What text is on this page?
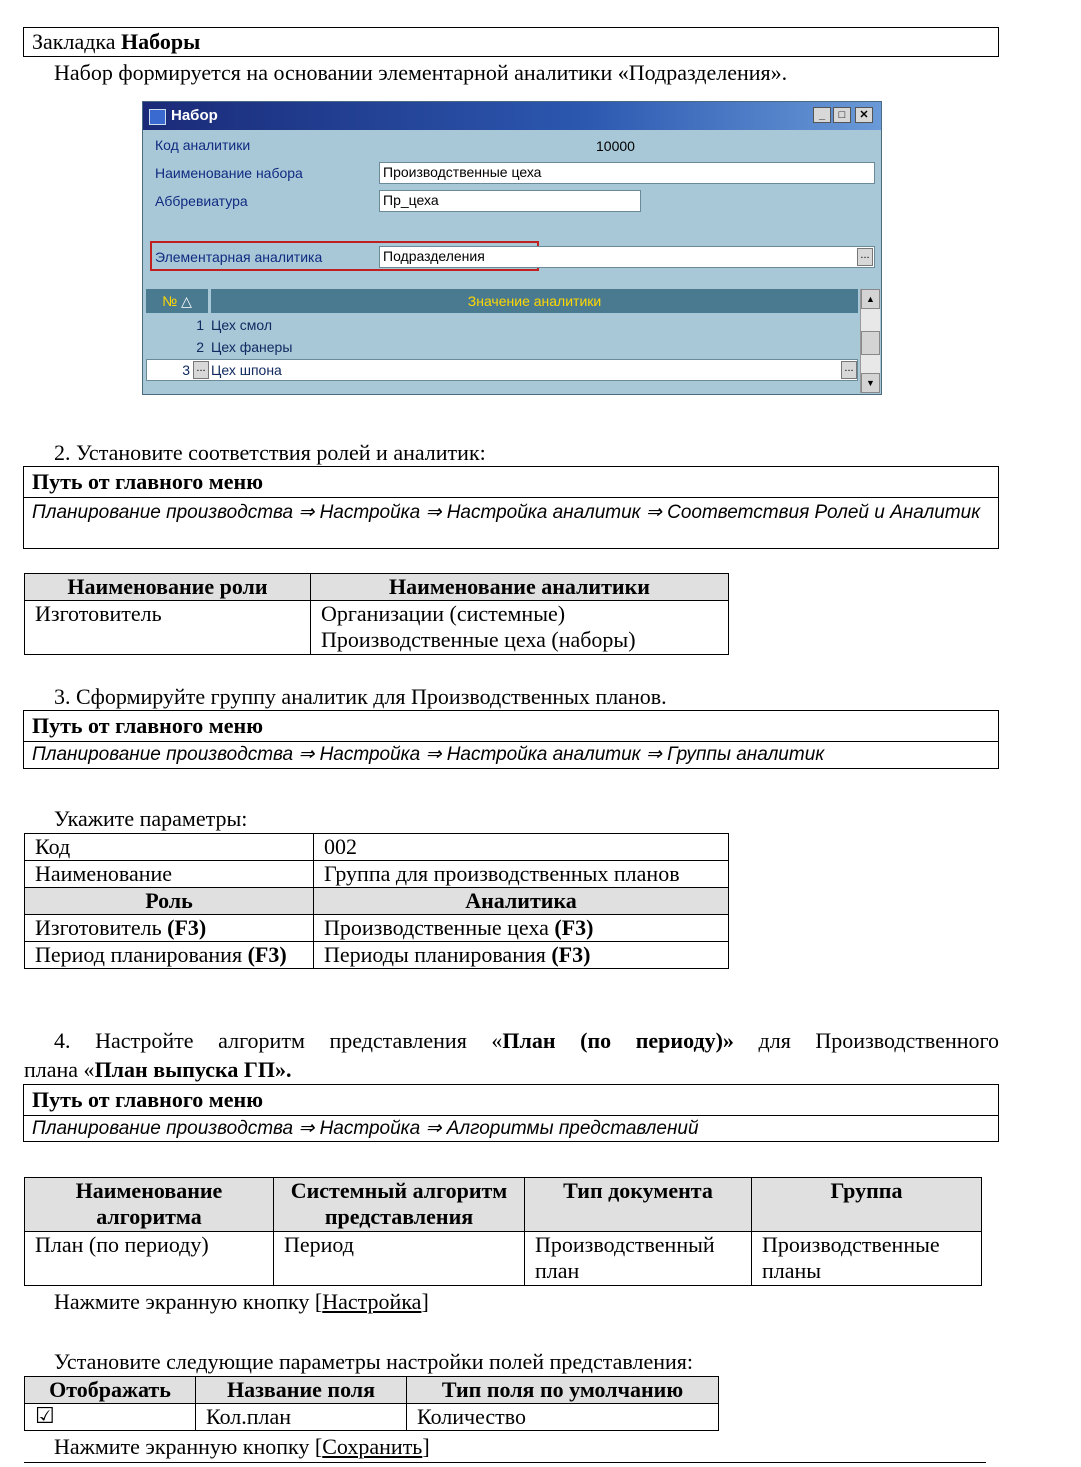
Закладка Наборы
Набор формируется на основании элементарной аналитики «Подразделения».
Набор	_	□	✕
Код аналитики	10000
Наименование набора	Производственные цеха
Аббревиатура	Пр_цеха
Элементарная аналитика	Подразделения	...
№ △	Значение аналитики	▲
▼
1 Цех смол
2 Цех фанеры
3 ... Цех шпона	...
2. Установите соответствия ролей и аналитик:
Путь от главного меню
Планирование производства ⇒ Настройка ⇒ Настройка аналитик ⇒ Соответствия Ролей и Аналитик
Наименование роли	Наименование аналитики
Изготовитель	Организации (системные)
Производственные цеха (наборы)
3. Сформируйте группу аналитик для Производственных планов.
Путь от главного меню
Планирование производства ⇒ Настройка ⇒ Настройка аналитик ⇒ Группы аналитик
Укажите параметры:
Код	002
Наименование	Группа для производственных планов
Роль	Аналитика
Изготовитель (F3)	Производственные цеха (F3)
Период планирования (F3)	Периоды планирования (F3)
4. Настройте алгоритм представления «План (по периоду)» для Производственного
плана «План выпуска ГП».
Путь от главного меню
Планирование производства ⇒ Настройка ⇒ Алгоритмы представлений
Наименование алгоритма	Системный алгоритм представления	Тип документа	Группа
План (по периоду)	Период	Производственный план	Производственные планы
Нажмите экранную кнопку [Настройка]
Установите следующие параметры настройки полей представления:
Отображать	Название поля	Тип поля по умолчанию
☑	Кол.план	Количество
Нажмите экранную кнопку [Сохранить]
